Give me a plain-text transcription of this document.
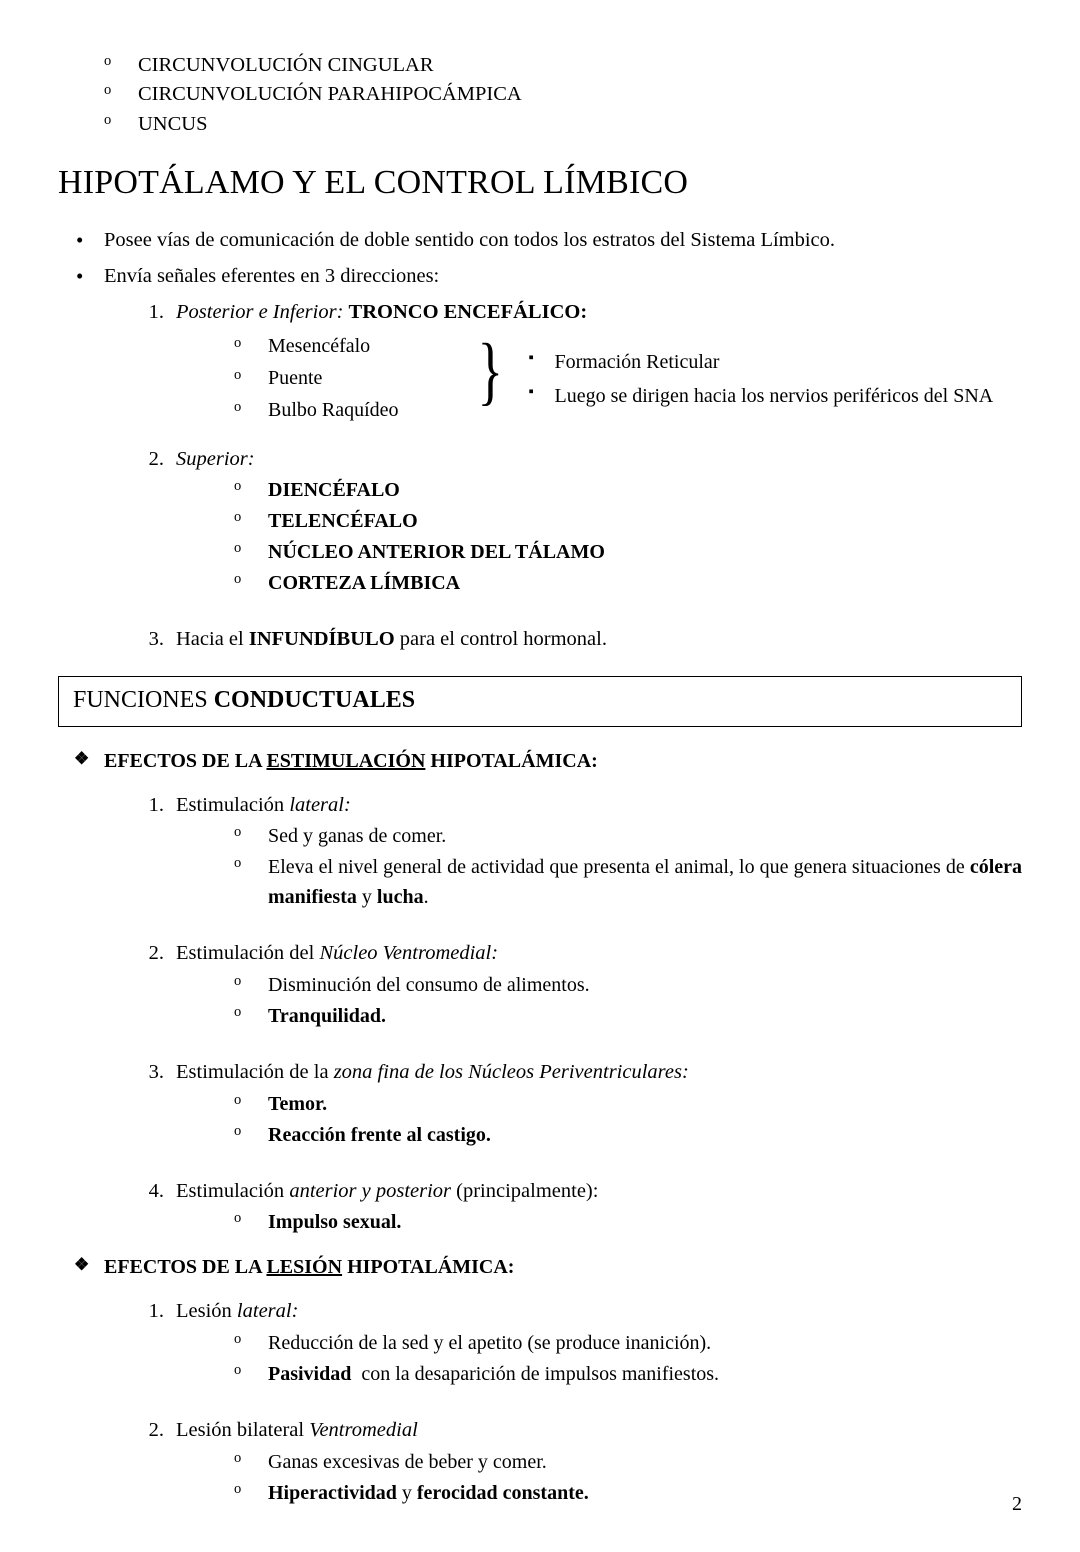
o CIRCUNVOLUCIÓN CINGULAR
o CIRCUNVOLUCIÓN PARAHIPOCÁMPICA
o UNCUS
HIPOTÁLAMO Y EL CONTROL LÍMBICO
• Posee vías de comunicación de doble sentido con todos los estratos del Sistema Límbico.
• Envía señales eferentes en 3 direcciones:
1. Posterior e Inferior: TRONCO ENCEFÁLICO:
o Mesencéfalo
o Puente
o Bulbo Raquídeo	}	▪ Formación Reticular
▪ Luego se dirigen hacia los nervios periféricos del SNA
2. Superior:
o DIENCÉFALO
o TELENCÉFALO
o NÚCLEO ANTERIOR DEL TÁLAMO
o CORTEZA LÍMBICA
3. Hacia el INFUNDÍBULO para el control hormonal.
FUNCIONES CONDUCTUALES
❖ EFECTOS DE LA ESTIMULACIÓN HIPOTALÁMICA:
1. Estimulación lateral:
o Sed y ganas de comer.
o Eleva el nivel general de actividad que presenta el animal, lo que genera situaciones de cólera manifiesta y lucha.
2. Estimulación del Núcleo Ventromedial:
o Disminución del consumo de alimentos.
o Tranquilidad.
3. Estimulación de la zona fina de los Núcleos Periventriculares:
o Temor.
o Reacción frente al castigo.
4. Estimulación anterior y posterior (principalmente):
o Impulso sexual.
❖ EFECTOS DE LA LESIÓN HIPOTALÁMICA:
1. Lesión lateral:
o Reducción de la sed y el apetito (se produce inanición).
o Pasividad  con la desaparición de impulsos manifiestos.
2. Lesión bilateral Ventromedial
o Ganas excesivas de beber y comer.
o Hiperactividad y ferocidad constante.	2
